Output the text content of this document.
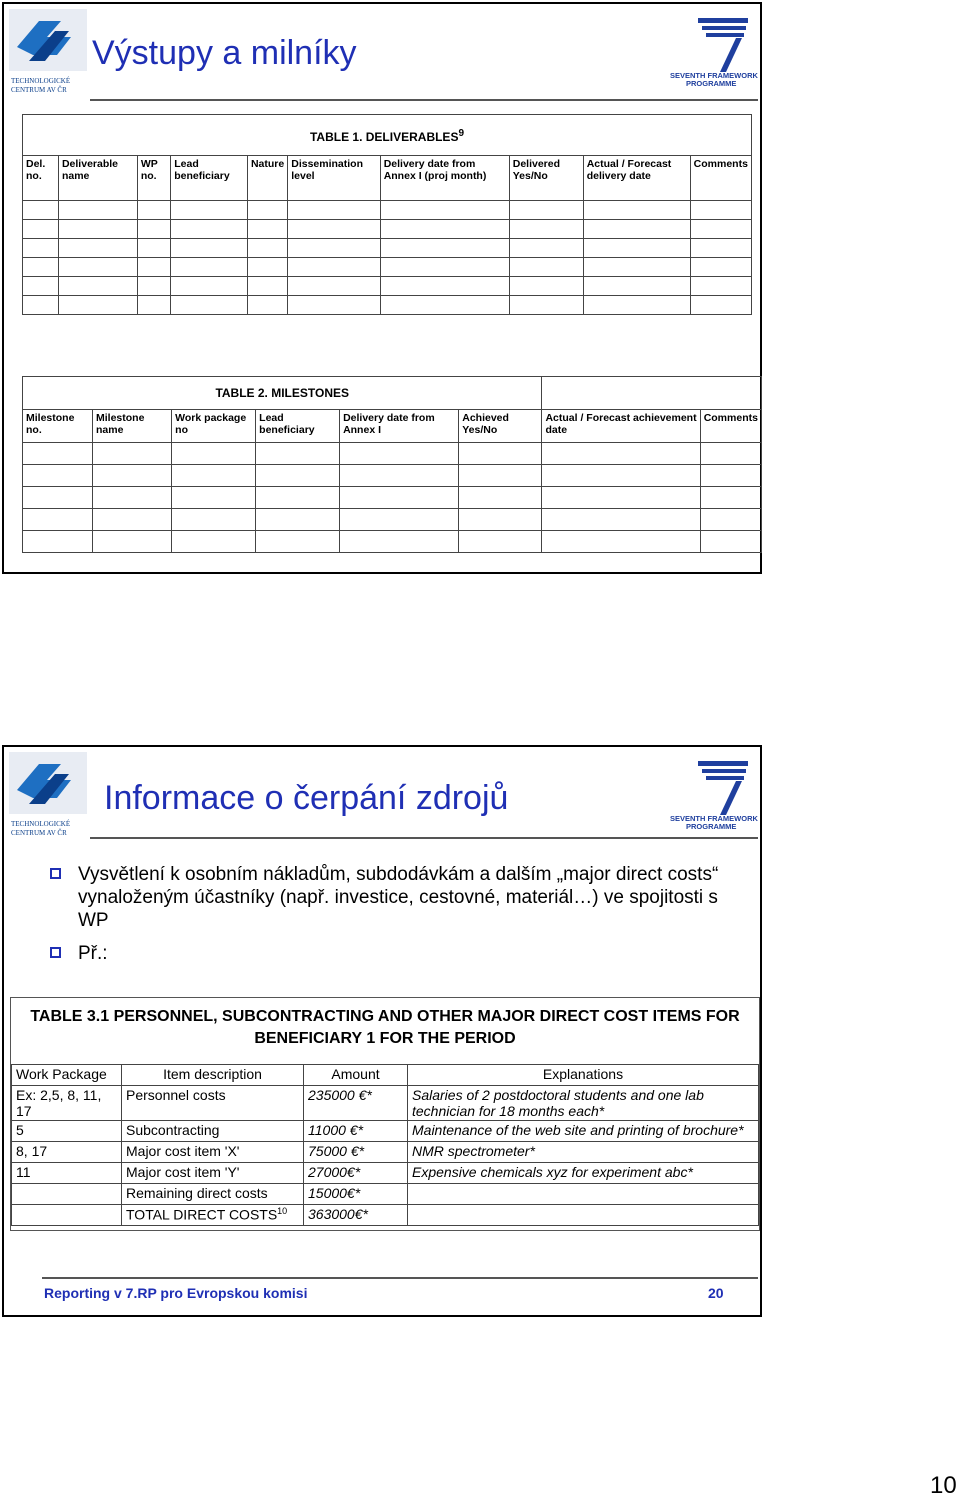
TECHNOLOGICKÉ
CENTRUM AV ČR
Výstupy a milníky
SEVENTH FRAMEWORK
PROGRAMME
TABLE 1. DELIVERABLES$^9$
Del. no.	Deliverable name	WP no.	Lead beneficiary	Nature	Dissemination level	Delivery date from Annex I (proj month)	Delivered Yes/No	Actual / Forecast delivery date	Comments

TABLE 2. MILESTONES							
Milestone no.	Milestone name	Work package no	Lead beneficiary	Delivery date from Annex I	Achieved Yes/No	Actual / Forecast achievement date	Comments

TECHNOLOGICKÉ
CENTRUM AV ČR
Informace o čerpání zdrojů
SEVENTH FRAMEWORK
PROGRAMME
Vysvětlení k osobním nákladům, subdodávkám a dalším „major direct costs“ vynaloženým účastníky (např. investice, cestovné, materiál…) ve spojitosti s WP
Př.:
TABLE 3.1 PERSONNEL, SUBCONTRACTING AND OTHER MAJOR DIRECT COST ITEMS FOR
BENEFICIARY 1 FOR THE PERIOD
Work Package	Item description	Amount	Explanations
Ex: 2,5, 8, 11, 17	Personnel costs	235000 €*	Salaries of 2 postdoctoral students and one lab technician for 18 months each*
5	Subcontracting	11000 €*	Maintenance of the web site and printing of brochure*
8, 17	Major cost item 'X'	75000 €*	NMR spectrometer*
11	Major cost item 'Y'	27000€*	Expensive chemicals xyz for experiment abc*
	Remaining direct costs	15000€*	
	TOTAL DIRECT COSTS$^{10}$	363000€*	
Reporting v 7.RP pro Evropskou komisi	20
10
